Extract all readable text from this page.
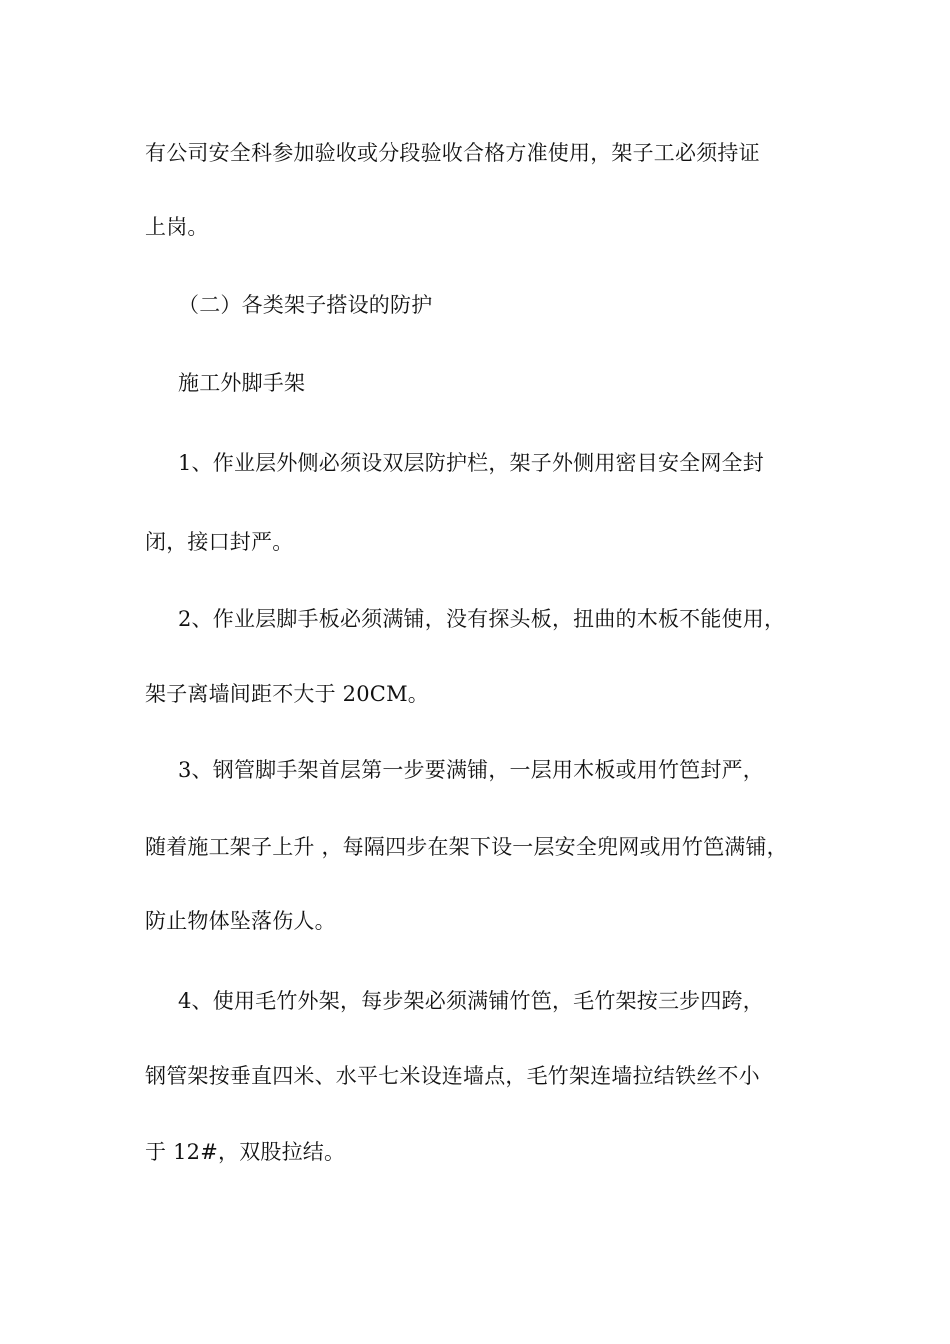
有公司安全科参加验收或分段验收合格方准使用，架子工必须持证
上岗。
（二）各类架子搭设的防护
施工外脚手架
1、作业层外侧必须设双层防护栏，架子外侧用密目安全网全封
闭，接口封严。
2、作业层脚手板必须满铺，没有探头板，扭曲的木板不能使用，
架子离墙间距不大于 20CM。
3、钢管脚手架首层第一步要满铺，一层用木板或用竹笆封严，
随着施工架子上升 ，每隔四步在架下设一层安全兜网或用竹笆满铺，
防止物体坠落伤人。
4、使用毛竹外架，每步架必须满铺竹笆，毛竹架按三步四跨，
钢管架按垂直四米、水平七米设连墙点，毛竹架连墙拉结铁丝不小
于 12#，双股拉结。
